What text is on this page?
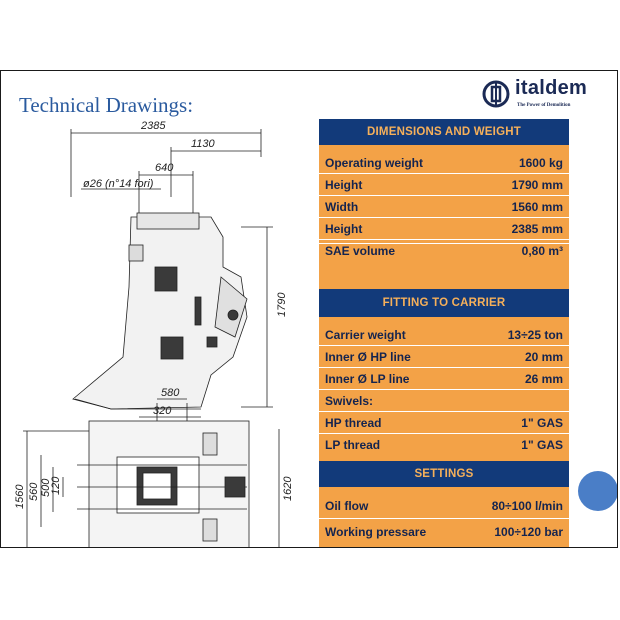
Technical Drawings:
italdem
The Power of Demolition
2385
1130
640
ø26 (n°14 fori)
1790
580
320
1560 560 500
120	1620
DIMENSIONS AND WEIGHT
Operating weight	1600 kg
Height	1790 mm
Width	1560 mm
Height	2385 mm
SAE volume	0,80 m³
FITTING TO CARRIER
Carrier weight	13÷25 ton
Inner Ø HP line	20 mm
Inner Ø LP line	26 mm
Swivels:
HP thread	1" GAS
LP thread	1" GAS
SETTINGS
Oil flow	80÷100 l/min
Working pressare	100÷120 bar
